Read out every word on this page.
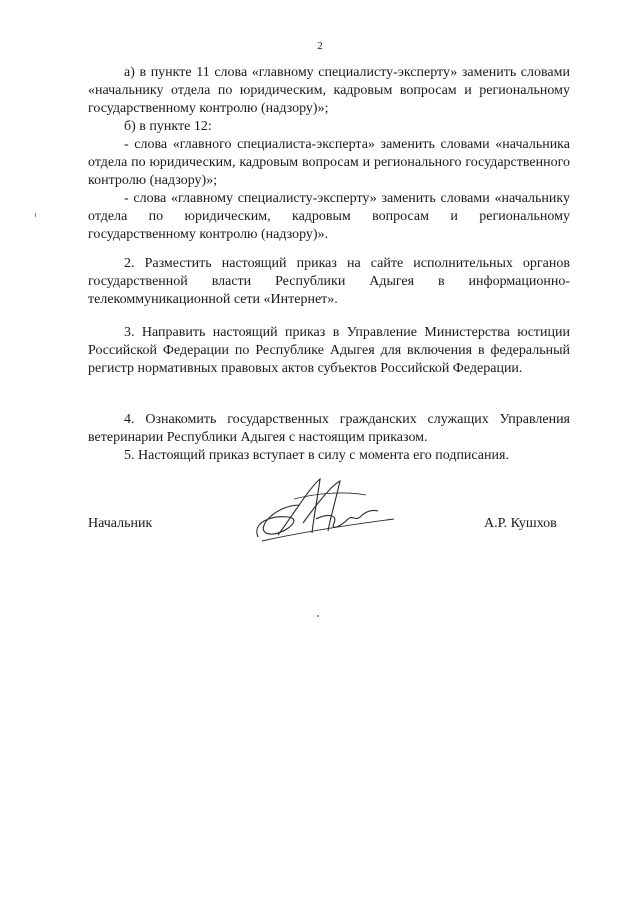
2

а) в пункте 11 слова «главному специалисту-эксперту» заменить словами «начальнику отдела по юридическим, кадровым вопросам и региональному государственному контролю (надзору)»;

б) в пункте 12:

- слова «главного специалиста-эксперта» заменить словами «начальника отдела по юридическим, кадровым вопросам и регионального государственного контролю (надзору)»;

- слова «главному специалисту-эксперту» заменить словами «начальнику отдела по юридическим, кадровым вопросам и региональному государственному контролю (надзору)».

2. Разместить настоящий приказ на сайте исполнительных органов государственной власти Республики Адыгея в информационно-телекоммуникационной сети «Интернет».

3. Направить настоящий приказ в Управление Министерства юстиции Российской Федерации по Республике Адыгея для включения в федеральный регистр нормативных правовых актов субъектов Российской Федерации.

4. Ознакомить государственных гражданских служащих Управления ветеринарии Республики Адыгея с настоящим приказом.

5. Настоящий приказ вступает в силу с момента его подписания.

Начальник	А.Р. Кушхов
